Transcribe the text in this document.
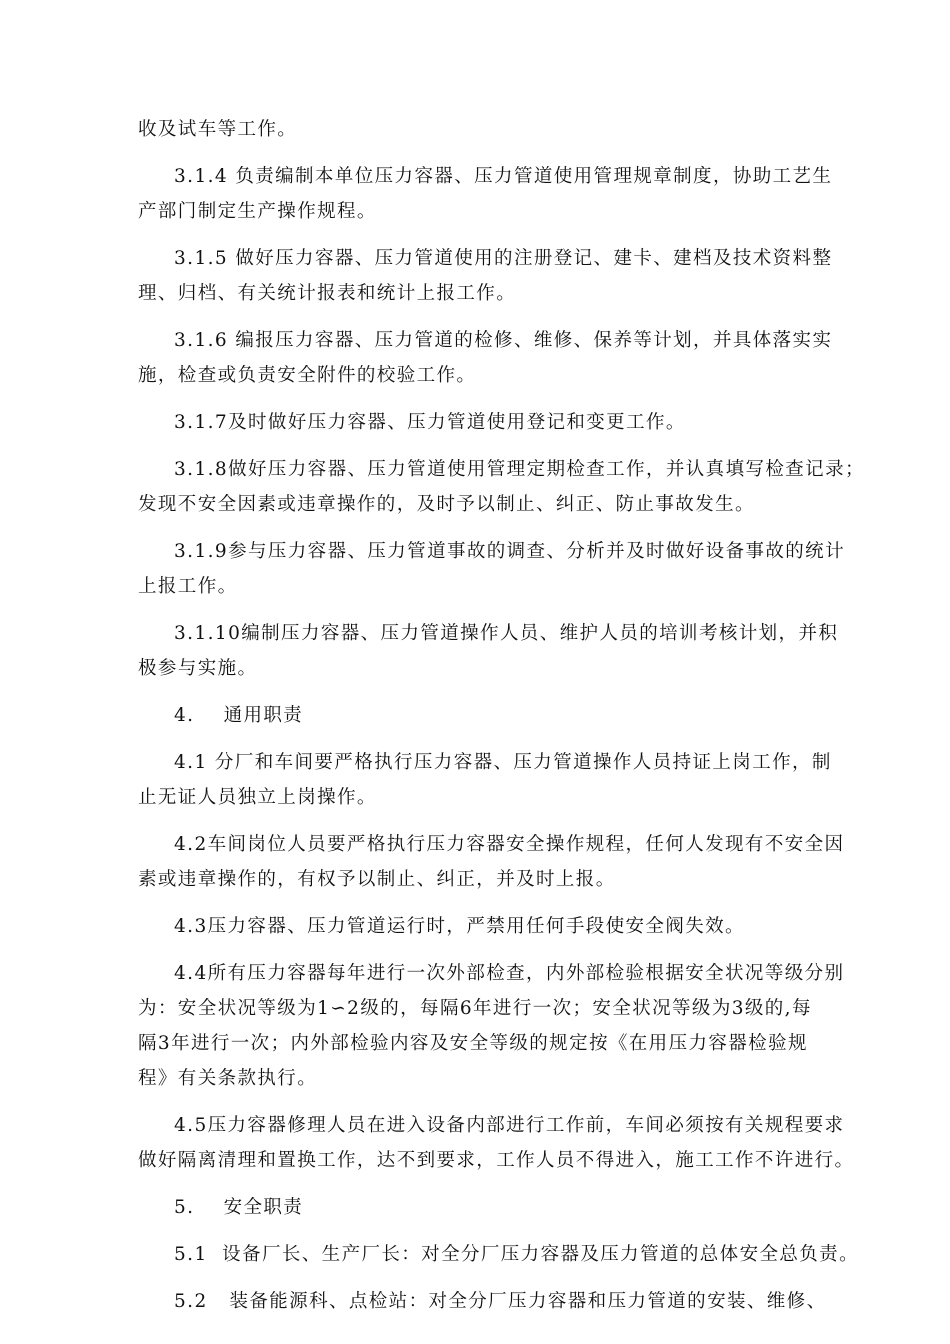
收及试车等工作。

3.1.4 负责编制本单位压力容器、压力管道使用管理规章制度，协助工艺生
产部门制定生产操作规程。

3.1.5 做好压力容器、压力管道使用的注册登记、建卡、建档及技术资料整
理、归档、有关统计报表和统计上报工作。

3.1.6 编报压力容器、压力管道的检修、维修、保养等计划，并具体落实实
施，检查或负责安全附件的校验工作。

3.1.7及时做好压力容器、压力管道使用登记和变更工作。

3.1.8做好压力容器、压力管道使用管理定期检查工作，并认真填写检查记录；
发现不安全因素或违章操作的，及时予以制止、纠正、防止事故发生。

3.1.9参与压力容器、压力管道事故的调查、分析并及时做好设备事故的统计
上报工作。

3.1.10编制压力容器、压力管道操作人员、维护人员的培训考核计划，并积
极参与实施。

4.    通用职责

4.1 分厂和车间要严格执行压力容器、压力管道操作人员持证上岗工作，制
止无证人员独立上岗操作。

4.2车间岗位人员要严格执行压力容器安全操作规程，任何人发现有不安全因
素或违章操作的，有权予以制止、纠正，并及时上报。

4.3压力容器、压力管道运行时，严禁用任何手段使安全阀失效。

4.4所有压力容器每年进行一次外部检查，内外部检验根据安全状况等级分别
为：安全状况等级为1∽2级的，每隔6年进行一次；安全状况等级为3级的,每
隔3年进行一次；内外部检验内容及安全等级的规定按《在用压力容器检验规
程》有关条款执行。

4.5压力容器修理人员在进入设备内部进行工作前，车间必须按有关规程要求
做好隔离清理和置换工作，达不到要求，工作人员不得进入，施工工作不许进行。

5.    安全职责

5.1  设备厂长、生产厂长：对全分厂压力容器及压力管道的总体安全总负责。

5.2   装备能源科、点检站：对全分厂压力容器和压力管道的安装、维修、
